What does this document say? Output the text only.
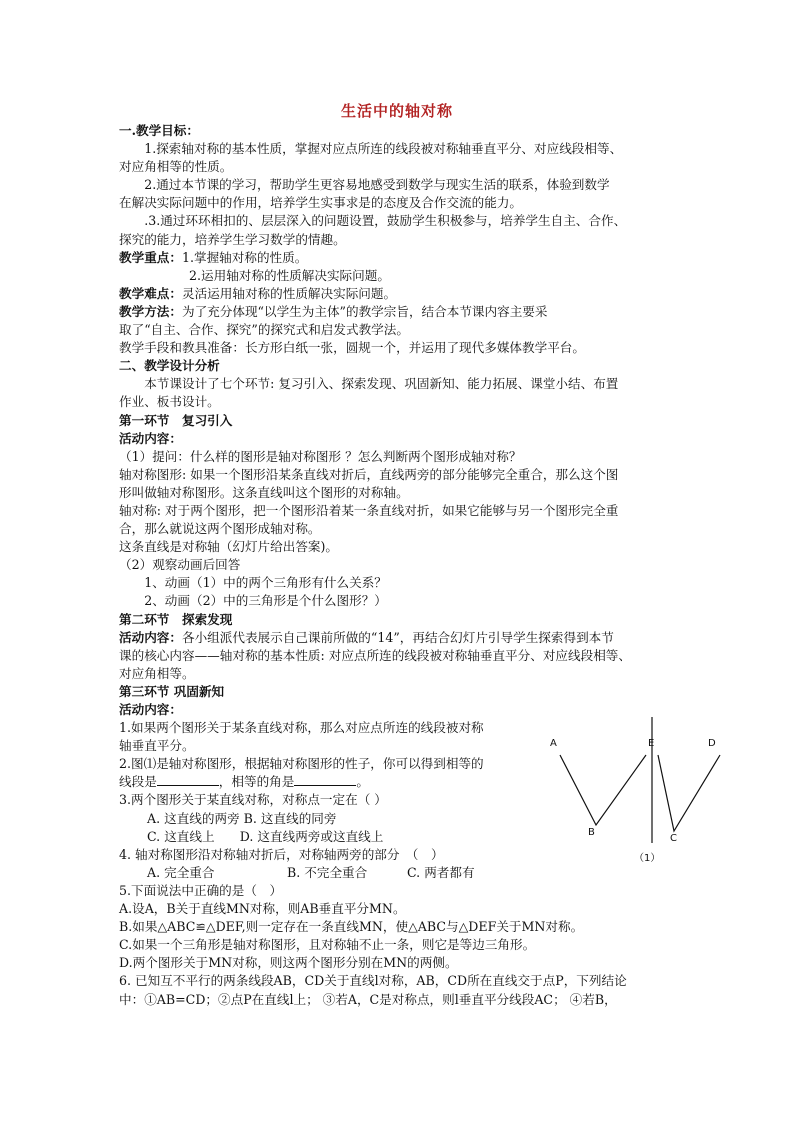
生活中的轴对称

一.教学目标：

1.探索轴对称的基本性质，掌握对应点所连的线段被对称轴垂直平分、对应线段相等、

对应角相等的性质。

2.通过本节课的学习，帮助学生更容易地感受到数学与现实生活的联系，体验到数学

在解决实际问题中的作用，培养学生实事求是的态度及合作交流的能力。

.3.通过环环相扣的、层层深入的问题设置，鼓励学生积极参与，培养学生自主、合作、

探究的能力，培养学生学习数学的情趣。

教学重点：1.掌握轴对称的性质。

2.运用轴对称的性质解决实际问题。

教学难点：灵活运用轴对称的性质解决实际问题。

教学方法：为了充分体现“以学生为主体”的教学宗旨，结合本节课内容主要采

取了“自主、合作、探究”的探究式和启发式教学法。

教学手段和教具准备：长方形白纸一张，圆规一个，并运用了现代多媒体教学平台。

二、教学设计分析

本节课设计了七个环节: 复习引入、探索发现、巩固新知、能力拓展、课堂小结、布置

作业、板书设计。

第一环节　复习引入

活动内容：

（1）提问：什么样的图形是轴对称图形 ？怎么判断两个图形成轴对称？

轴对称图形: 如果一个图形沿某条直线对折后，直线两旁的部分能够完全重合，那么这个图

形叫做轴对称图形。这条直线叫这个图形的对称轴。

轴对称: 对于两个图形，把一个图形沿着某一条直线对折，如果它能够与另一个图形完全重

合，那么就说这两个图形成轴对称。

这条直线是对称轴（幻灯片给出答案)。

（2）观察动画后回答

1、动画（1）中的两个三角形有什么关系？

2、动画（2）中的三角形是个什么图形？）

第二环节　探索发现

活动内容：各小组派代表展示自己课前所做的“14”，再结合幻灯片引导学生探索得到本节

课的核心内容——轴对称的基本性质: 对应点所连的线段被对称轴垂直平分、对应线段相等、

对应角相等。

第三环节 巩固新知

活动内容：

1.如果两个图形关于某条直线对称，那么对应点所连的线段被对称

轴垂直平分。

2.图⑴是轴对称图形，根据轴对称图形的性子，你可以得到相等的

线段是	，相等的角是	。

3.两个图形关于某直线对称，对称点一定在（ ）

A. 这直线的两旁 B. 这直线的同旁

C. 这直线上　　D. 这直线两旁或这直线上

4. 轴对称图形沿对称轴对折后，对称轴两旁的部分　（　）

A. 完全重合	B. 不完全重合	C. 两者都有

5.下面说法中正确的是（　）

A.设A，B关于直线MN对称，则AB垂直平分MN。

B.如果△ABC≌△DEF,则一定存在一条直线MN，使△ABC与△DEF关于MN对称。

C.如果一个三角形是轴对称图形，且对称轴不止一条，则它是等边三角形。

D.两个图形关于MN对称，则这两个图形分别在MN的两侧。

6. 已知互不平行的两条线段AB，CD关于直线l对称，AB，CD所在直线交于点P，下列结论

中：①AB=CD；②点P在直线l上； ③若A，C是对称点，则l垂直平分线段AC； ④若B，

A	E	D
B
C
（1）
